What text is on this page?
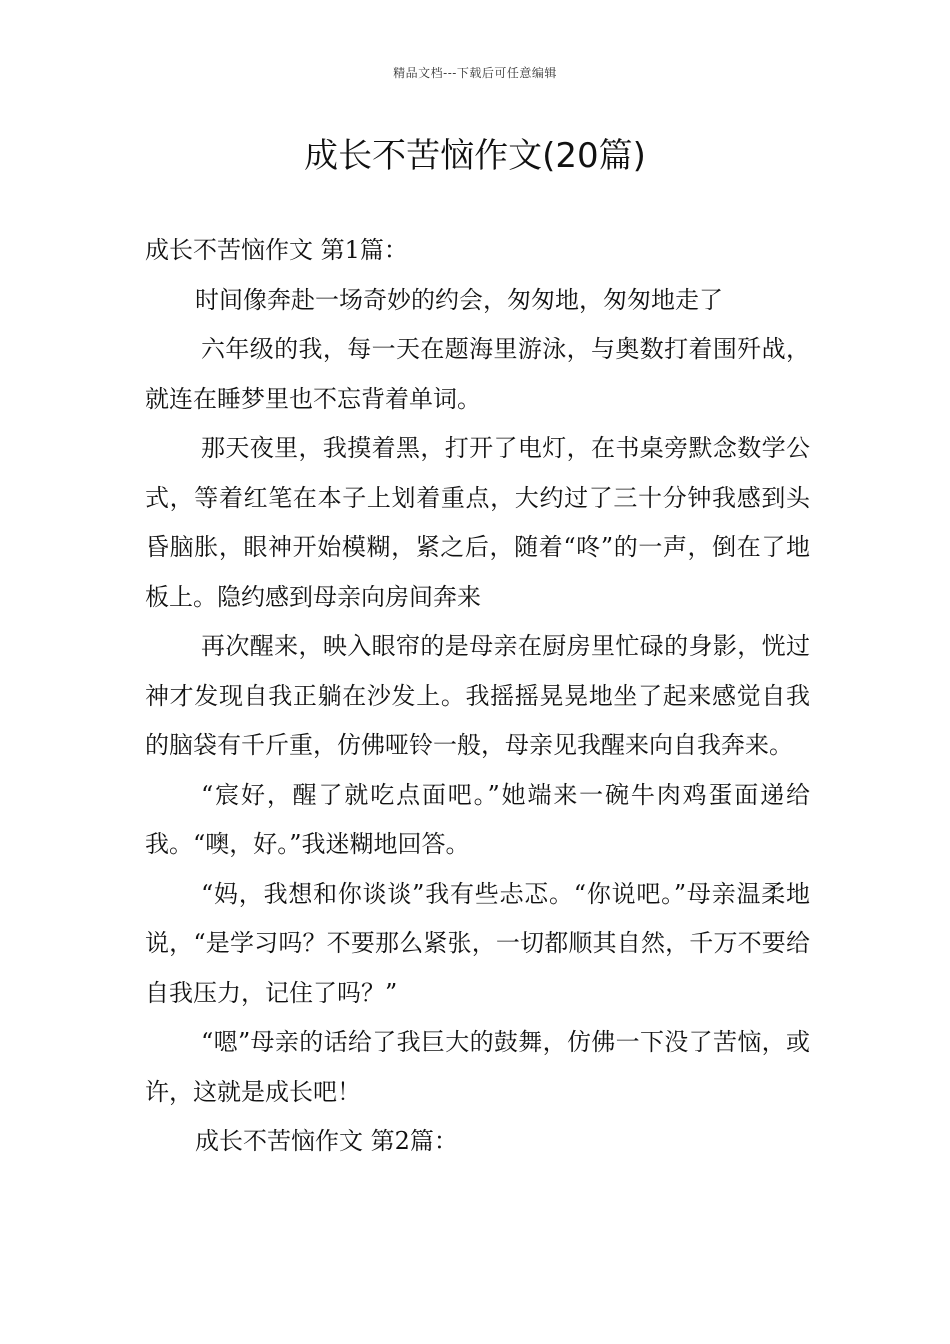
精品文档---下载后可任意编辑
成长不苦恼作文(20篇)

成长不苦恼作文 第1篇：

时间像奔赴一场奇妙的约会，匆匆地，匆匆地走了

六年级的我，每一天在题海里游泳，与奥数打着围歼战，就连在睡梦里也不忘背着单词。

那天夜里，我摸着黑，打开了电灯，在书桌旁默念数学公式，等着红笔在本子上划着重点，大约过了三十分钟我感到头昏脑胀，眼神开始模糊，紧之后，随着“咚”的一声，倒在了地板上。隐约感到母亲向房间奔来

再次醒来，映入眼帘的是母亲在厨房里忙碌的身影，恍过神才发现自我正躺在沙发上。我摇摇晃晃地坐了起来感觉自我的脑袋有千斤重，仿佛哑铃一般，母亲见我醒来向自我奔来。

“宸好，醒了就吃点面吧。”她端来一碗牛肉鸡蛋面递给我。“噢，好。”我迷糊地回答。

“妈，我想和你谈谈”我有些忐忑。“你说吧。”母亲温柔地说，“是学习吗？不要那么紧张，一切都顺其自然，千万不要给自我压力，记住了吗？”

“嗯”母亲的话给了我巨大的鼓舞，仿佛一下没了苦恼，或许，这就是成长吧！

成长不苦恼作文 第2篇：
